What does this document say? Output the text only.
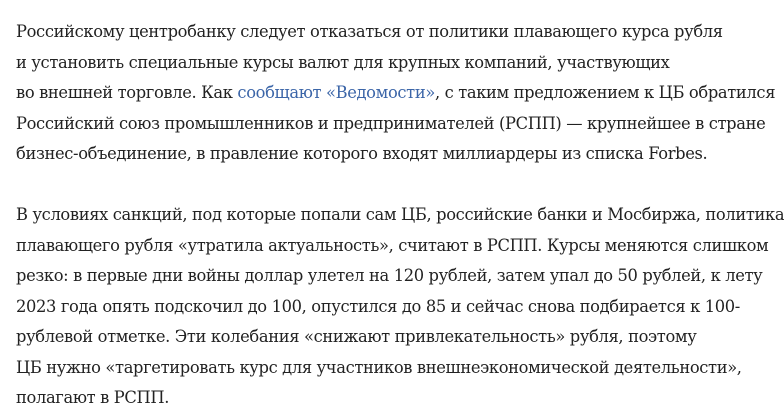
Российскому центробанку следует отказаться от политики плавающего курса рубля
и установить специальные курсы валют для крупных компаний, участвующих
во внешней торговле. Как сообщают «Ведомости», с таким предложением к ЦБ обратился
Российский союз промышленников и предпринимателей (РСПП) — крупнейшее в стране
бизнес-объединение, в правление которого входят миллиардеры из списка Forbes.
В условиях санкций, под которые попали сам ЦБ, российские банки и Мосбиржа, политика
плавающего рубля «утратила актуальность», считают в РСПП. Курсы меняются слишком
резко: в первые дни войны доллар улетел на 120 рублей, затем упал до 50 рублей, к лету
2023 года опять подскочил до 100, опустился до 85 и сейчас снова подбирается к 100-
рублевой отметке. Эти колебания «снижают привлекательность» рубля, поэтому
ЦБ нужно «таргетировать курс для участников внешнеэкономической деятельности»,
полагают в РСПП.
